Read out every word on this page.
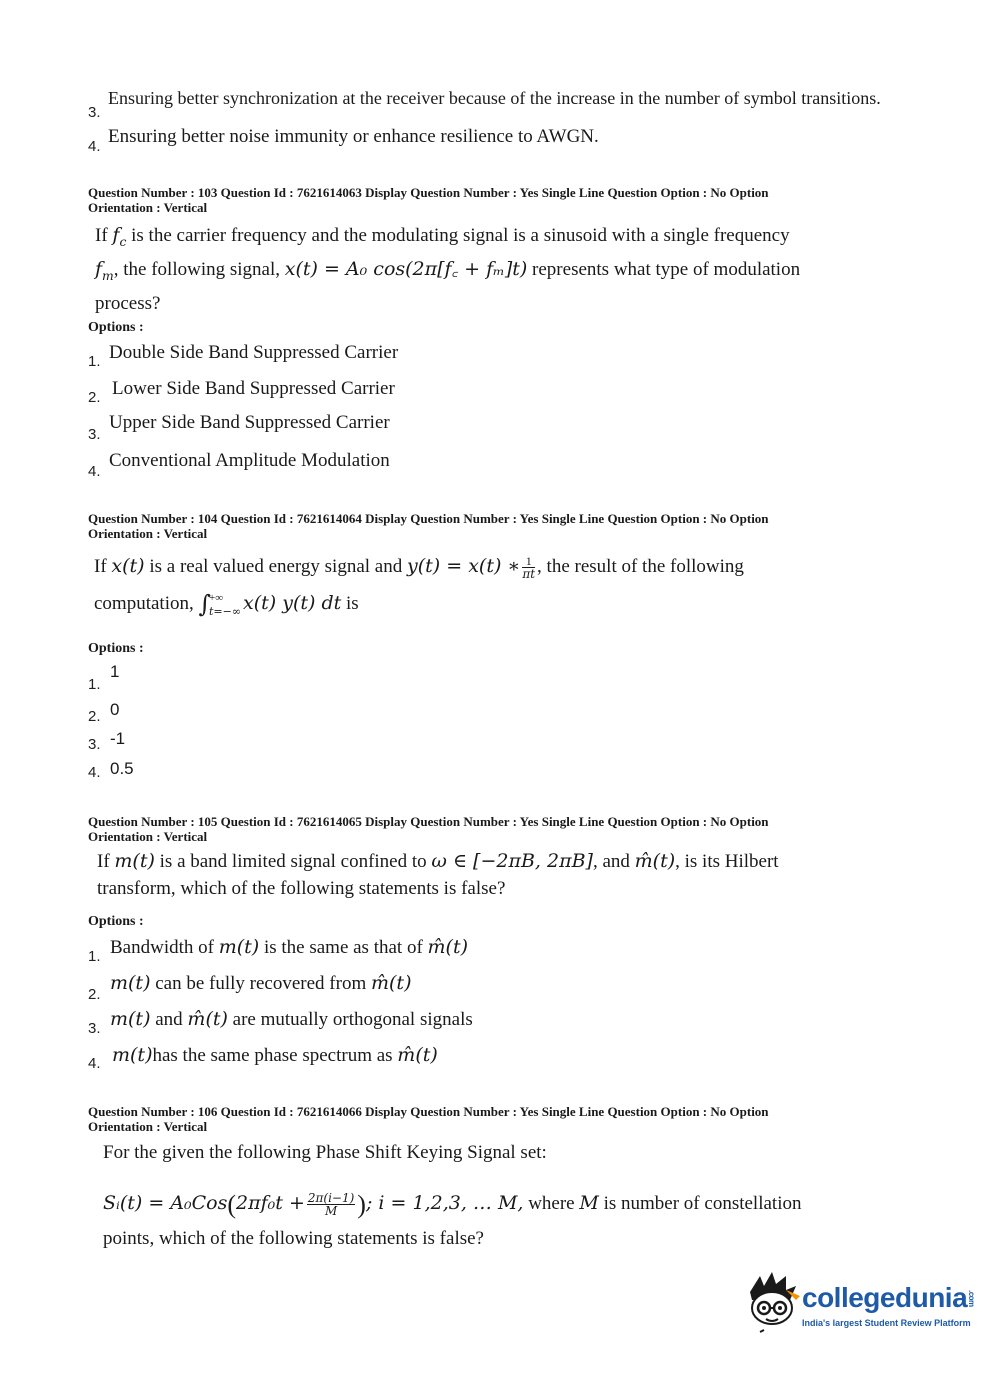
3.
Ensuring better synchronization at the receiver because of the increase in the number of symbol transitions.
4. Ensuring better noise immunity or enhance resilience to AWGN.
Question Number : 103 Question Id : 7621614063 Display Question Number : Yes Single Line Question Option : No Option
Orientation : Vertical
If $f_c$ is the carrier frequency and the modulating signal is a sinusoid with a single frequency
$f_m$, the following signal, x(t) = A₀ cos(2π[f꜀ + fₘ]t) represents what type of modulation
process?
Options :
1. Double Side Band Suppressed Carrier
2. Lower Side Band Suppressed Carrier
3.
Upper Side Band Suppressed Carrier
4.
Conventional Amplitude Modulation
Question Number : 104 Question Id : 7621614064 Display Question Number : Yes Single Line Question Option : No Option
Orientation : Vertical
If x(t) is a real valued energy signal and y(t) = x(t) ∗ $\frac{1}{\pi t}$ , the result of the following
computation, ∫
+∞
t=−∞ x(t) y(t) dt is
Options :
1.
1
2. 0
3. -1
4. 0.5
Question Number : 105 Question Id : 7621614065 Display Question Number : Yes Single Line Question Option : No Option
Orientation : Vertical
If m(t) is a band limited signal confined to ω ∈ [−2πB, 2πB], and m̂(t), is its Hilbert
transform, which of the following statements is false?
Options :
1. Bandwidth of m(t) is the same as that of m̂(t)
2.
m(t) can be fully recovered from m̂(t)
3. m(t) and m̂(t) are mutually orthogonal signals
4. m(t)has the same phase spectrum as m̂(t)
Question Number : 106 Question Id : 7621614066 Display Question Number : Yes Single Line Question Option : No Option
Orientation : Vertical
For the given the following Phase Shift Keying Signal set:
Sᵢ(t) = $A_0Cos(2\pi f_0t + \frac{2\pi(i-1)}{M}$ ); i = 1,2,3, … M, where M is number of constellation
points, which of the following statements is false?
collegedunia.com
India's largest Student Review Platform
